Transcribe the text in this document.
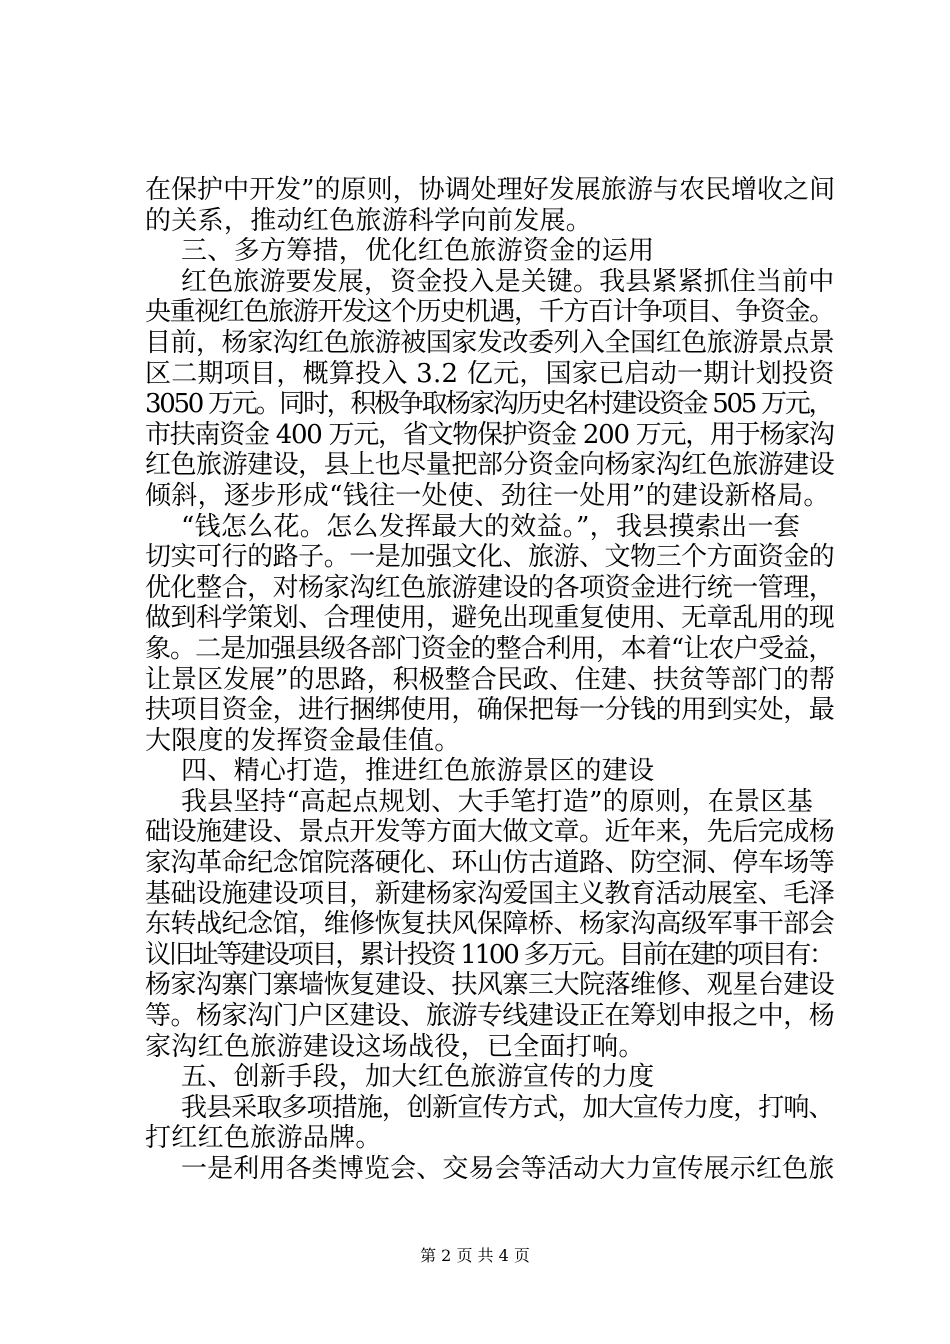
在保护中开发”的原则，协调处理好发展旅游与农民增收之间
的关系，推动红色旅游科学向前发展。
三、多方筹措，优化红色旅游资金的运用
红色旅游要发展，资金投入是关键。我县紧紧抓住当前中
央重视红色旅游开发这个历史机遇，千方百计争项目、争资金。
目前，杨家沟红色旅游被国家发改委列入全国红色旅游景点景
区二期项目，概算投入 3.2 亿元，国家已启动一期计划投资
3050 万元。同时，积极争取杨家沟历史名村建设资金 505 万元，
市扶南资金 400 万元，省文物保护资金 200 万元，用于杨家沟
红色旅游建设，县上也尽量把部分资金向杨家沟红色旅游建设
倾斜，逐步形成“钱往一处使、劲往一处用”的建设新格局。
“钱怎么花。怎么发挥最大的效益。”，我县摸索出一套
切实可行的路子。一是加强文化、旅游、文物三个方面资金的
优化整合，对杨家沟红色旅游建设的各项资金进行统一管理，
做到科学策划、合理使用，避免出现重复使用、无章乱用的现
象。二是加强县级各部门资金的整合利用，本着“让农户受益，
让景区发展”的思路，积极整合民政、住建、扶贫等部门的帮
扶项目资金，进行捆绑使用，确保把每一分钱的用到实处，最
大限度的发挥资金最佳值。
四、精心打造，推进红色旅游景区的建设
我县坚持“高起点规划、大手笔打造”的原则，在景区基
础设施建设、景点开发等方面大做文章。近年来，先后完成杨
家沟革命纪念馆院落硬化、环山仿古道路、防空洞、停车场等
基础设施建设项目，新建杨家沟爱国主义教育活动展室、毛泽
东转战纪念馆，维修恢复扶风保障桥、杨家沟高级军事干部会
议旧址等建设项目，累计投资 1100 多万元。目前在建的项目有：
杨家沟寨门寨墙恢复建设、扶风寨三大院落维修、观星台建设
等。杨家沟门户区建设、旅游专线建设正在筹划申报之中，杨
家沟红色旅游建设这场战役，已全面打响。
五、创新手段，加大红色旅游宣传的力度
我县采取多项措施，创新宣传方式，加大宣传力度，打响、
打红红色旅游品牌。
一是利用各类博览会、交易会等活动大力宣传展示红色旅
第 2 页 共 4 页
